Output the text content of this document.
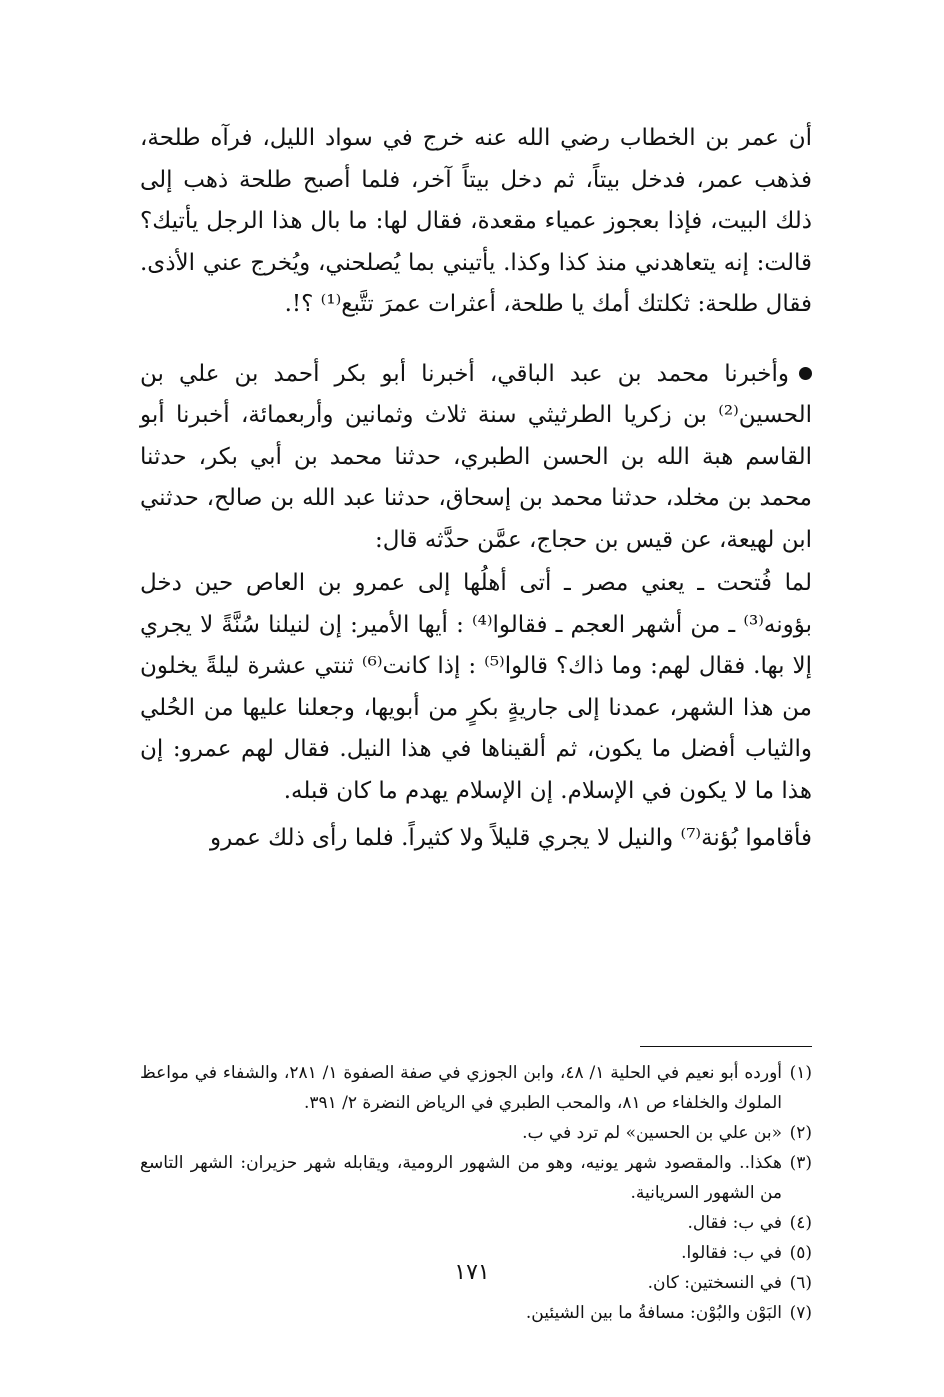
أن عمر بن الخطاب رضي الله عنه خرج في سواد الليل، فرآه طلحة، فذهب عمر، فدخل بيتاً، ثم دخل بيتاً آخر، فلما أصبح طلحة ذهب إلى ذلك البيت، فإذا بعجوز عمياء مقعدة، فقال لها: ما بال هذا الرجل يأتيك؟ قالت: إنه يتعاهدني منذ كذا وكذا. يأتيني بما يُصلحني، ويُخرج عني الأذى. فقال طلحة: ثكلتك أمك يا طلحة، أعثرات عمرَ تتَّبع⁽¹⁾ ؟!.

وأخبرنا محمد بن عبد الباقي، أخبرنا أبو بكر أحمد بن علي بن الحسين⁽²⁾ بن زكريا الطرثيثي سنة ثلاث وثمانين وأربعمائة، أخبرنا أبو القاسم هبة الله بن الحسن الطبري، حدثنا محمد بن أبي بكر، حدثنا محمد بن مخلد، حدثنا محمد بن إسحاق، حدثنا عبد الله بن صالح، حدثني ابن لهيعة، عن قيس بن حجاج، عمَّن حدَّثه قال:

لما فُتحت ـ يعني مصر ـ أتى أهلُها إلى عمرو بن العاص حين دخل بؤونه⁽³⁾ ـ من أشهر العجم ـ فقالوا⁽⁴⁾ : أيها الأمير: إن لنيلنا سُنَّةً لا يجري إلا بها. فقال لهم: وما ذاك؟ قالوا⁽⁵⁾ : إذا كانت⁽⁶⁾ ثنتي عشرة ليلةً يخلون من هذا الشهر، عمدنا إلى جاريةٍ بكرٍ من أبويها، وجعلنا عليها من الحُلي والثياب أفضل ما يكون، ثم ألقيناها في هذا النيل. فقال لهم عمرو: إن هذا ما لا يكون في الإسلام. إن الإسلام يهدم ما كان قبله.

فأقاموا بُؤنة⁽⁷⁾ والنيل لا يجري قليلاً ولا كثيراً. فلما رأى ذلك عمرو

(١)
أورده أبو نعيم في الحلية ١/ ٤٨، وابن الجوزي في صفة الصفوة ١/ ٢٨١، والشفاء في مواعظ الملوك والخلفاء ص ٨١، والمحب الطبري في الرياض النضرة ٢/ ٣٩١.

(٢)
«بن علي بن الحسين» لم ترد في ب.

(٣)
هكذا.. والمقصود شهر يونيه، وهو من الشهور الرومية، ويقابله شهر حزيران: الشهر التاسع من الشهور السريانية.

(٤)
في ب: فقال.

(٥)
في ب: فقالوا.

(٦)
في النسختين: كان.

(٧)
البَوْن والبُوْن: مسافةُ ما بين الشيئين.

١٧١
